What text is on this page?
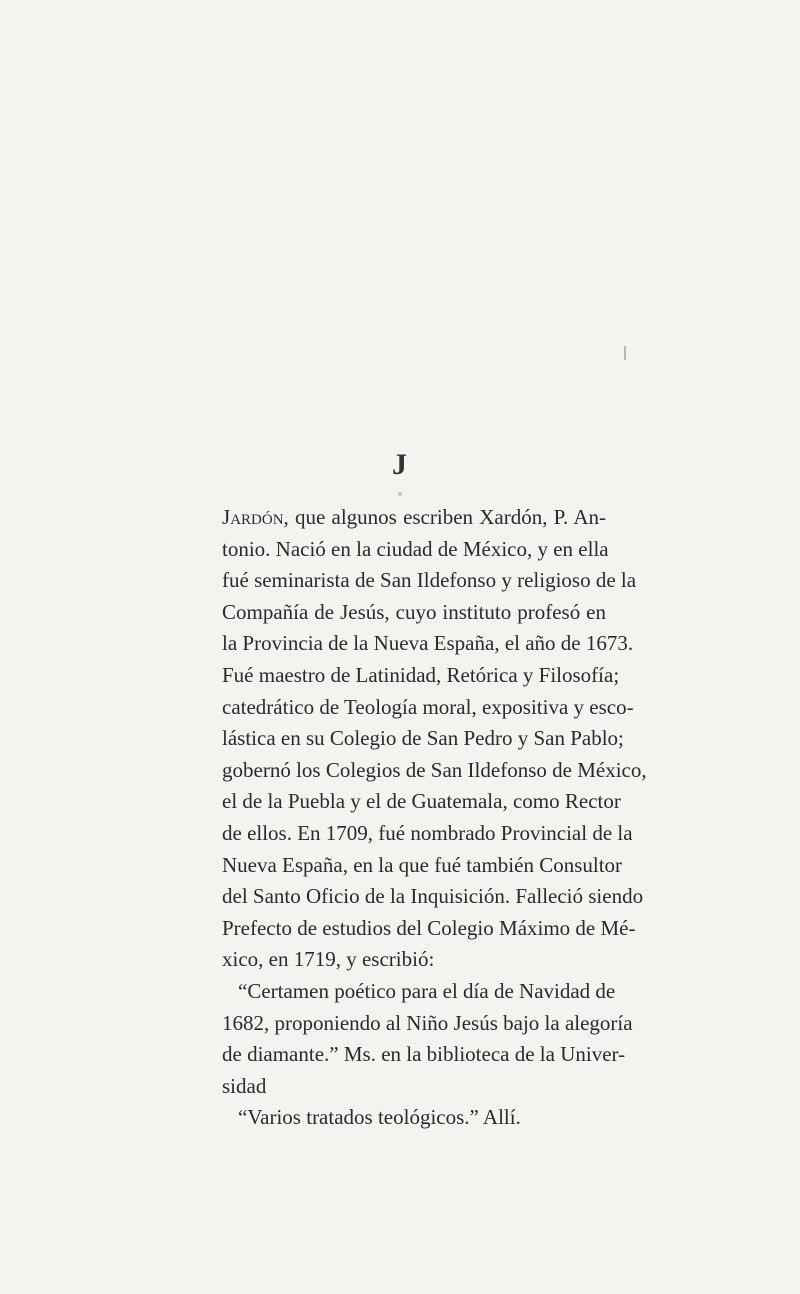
J
Jardón, que algunos escriben Xardón, P. An-
tonio. Nació en la ciudad de México, y en ella
fué seminarista de San Ildefonso y religioso de la
Compañía de Jesús, cuyo instituto profesó en
la Provincia de la Nueva España, el año de 1673.
Fué maestro de Latinidad, Retórica y Filosofía;
catedrático de Teología moral, expositiva y esco-
lástica en su Colegio de San Pedro y San Pablo;
gobernó los Colegios de San Ildefonso de México,
el de la Puebla y el de Guatemala, como Rector
de ellos. En 1709, fué nombrado Provincial de la
Nueva España, en la que fué también Consultor
del Santo Oficio de la Inquisición. Falleció siendo
Prefecto de estudios del Colegio Máximo de Mé-
xico, en 1719, y escribió:
“Certamen poético para el día de Navidad de
1682, proponiendo al Niño Jesús bajo la alegoría
de diamante.” Ms. en la biblioteca de la Univer-
sidad
“Varios tratados teológicos.” Allí.
